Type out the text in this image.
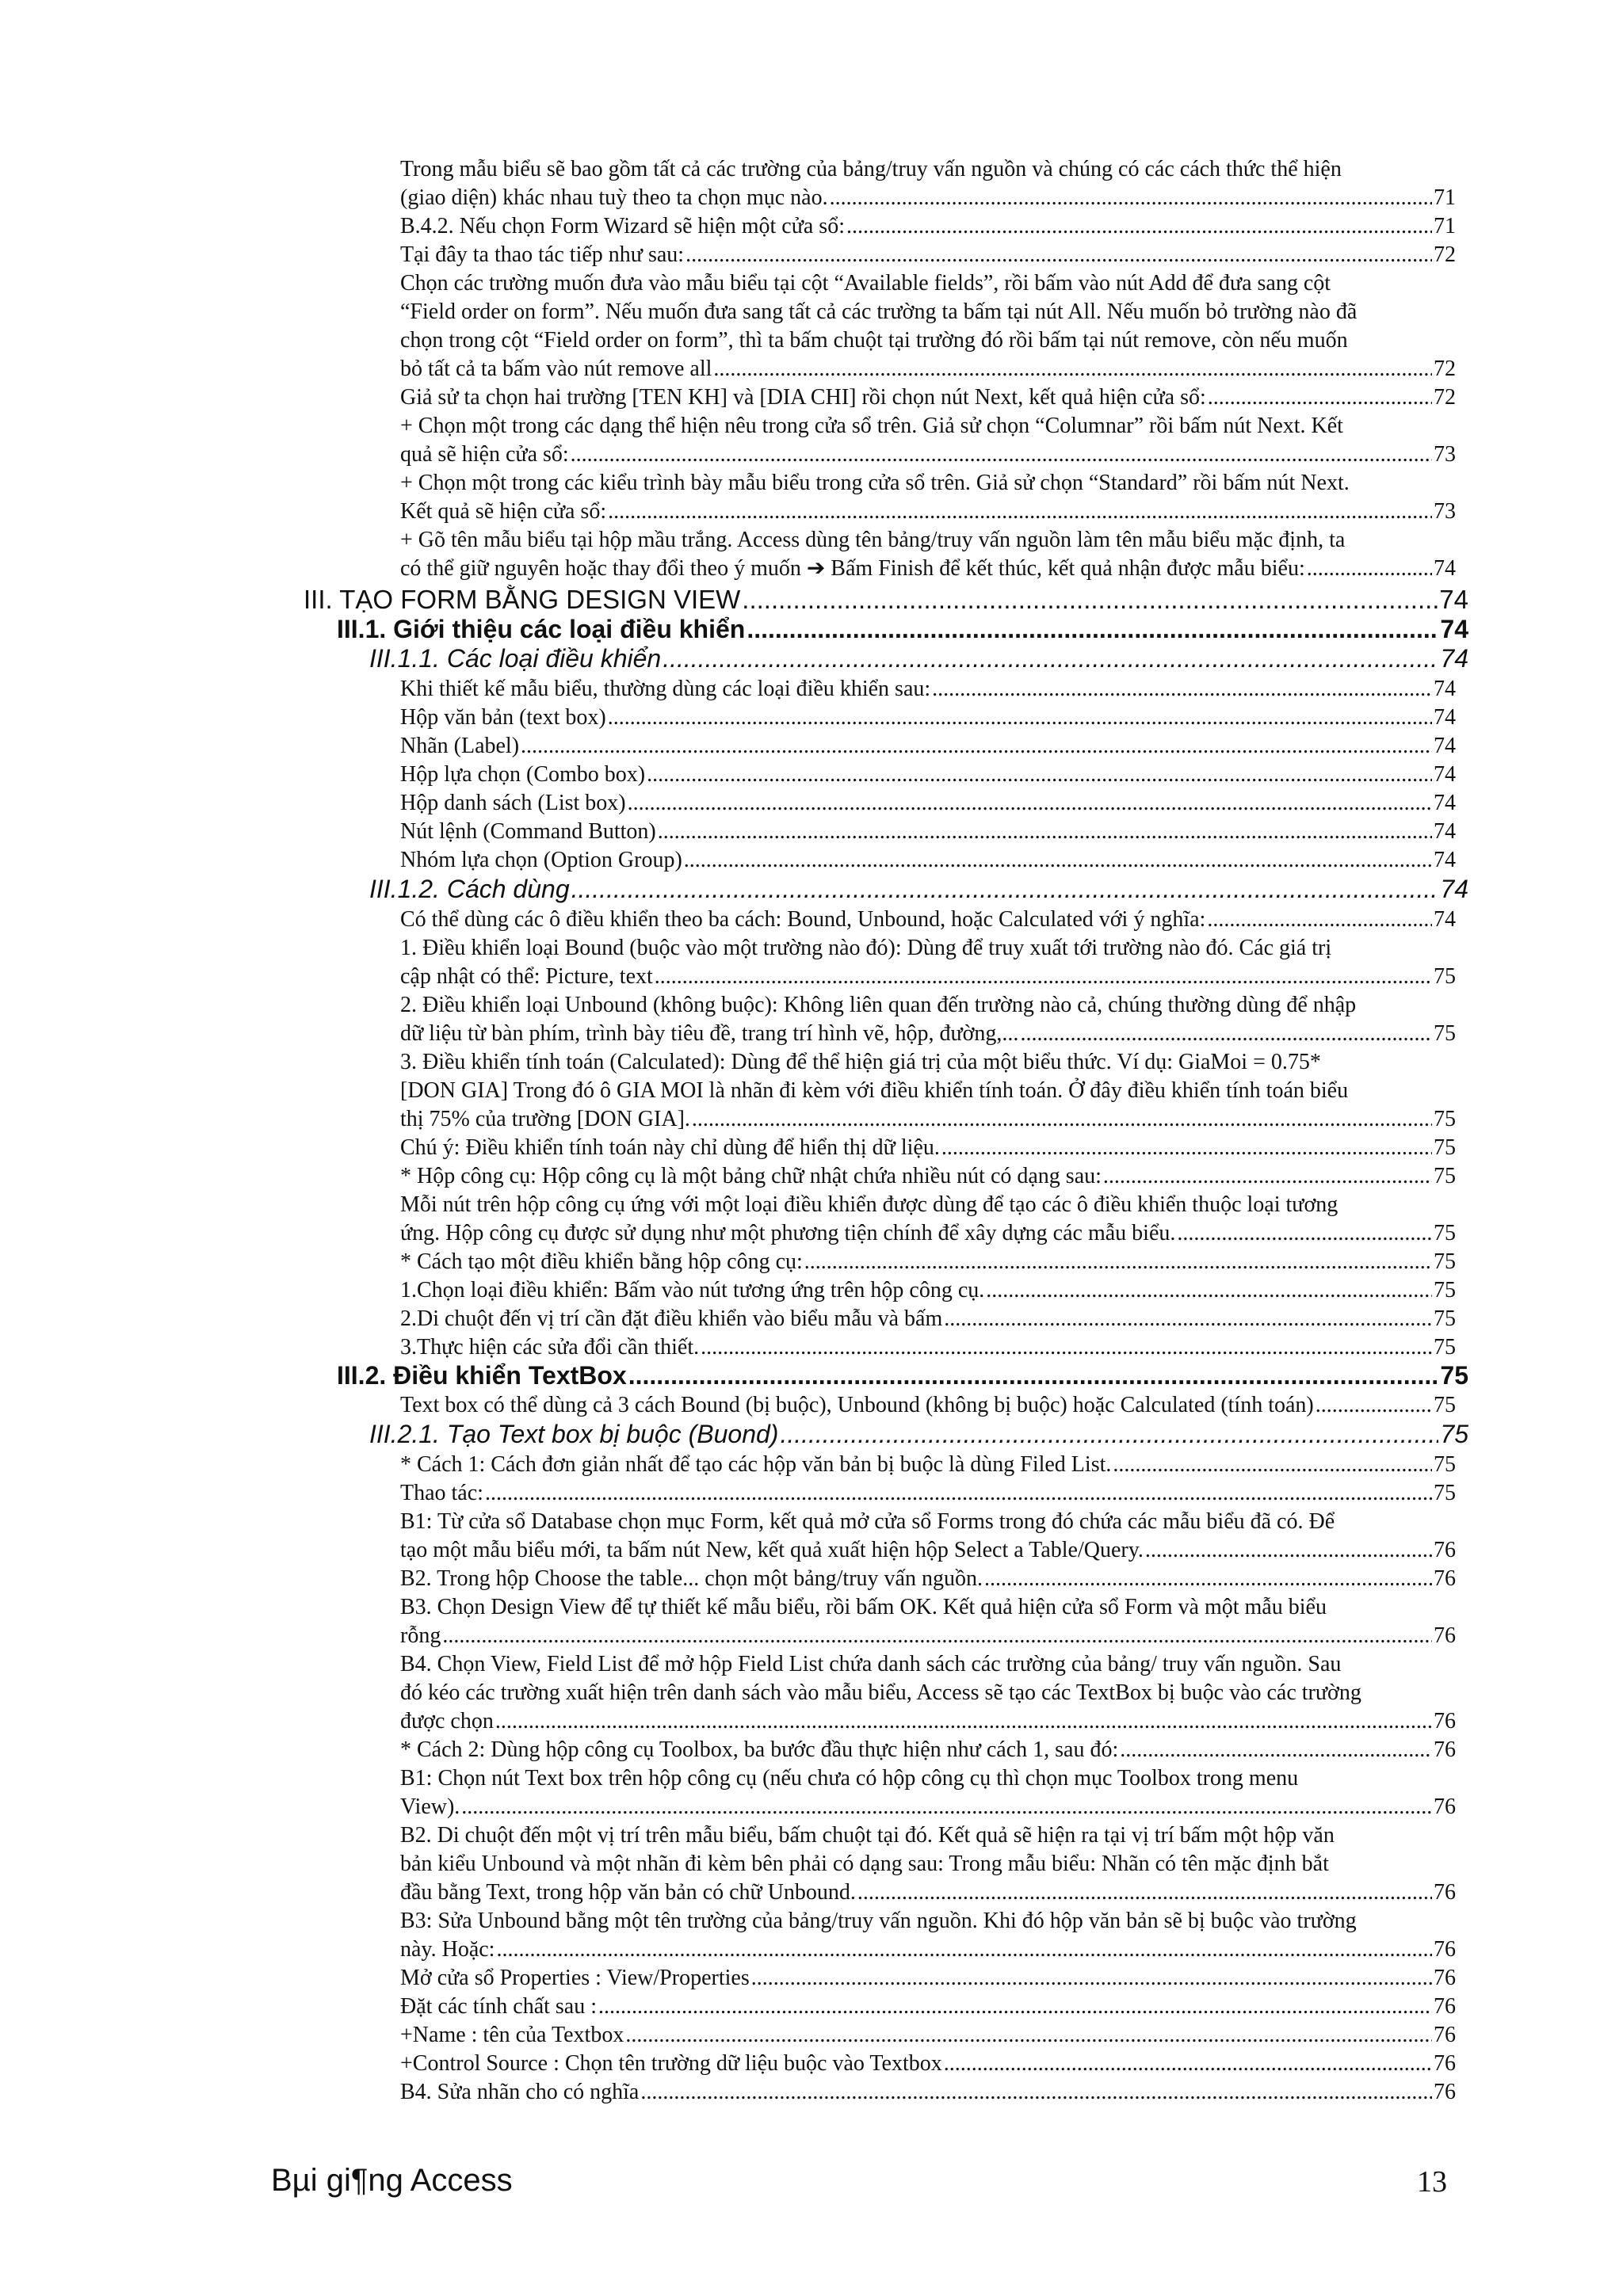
Trong mẫu biểu sẽ bao gồm tất cả các trường của bảng/truy vấn nguồn và chúng có các cách thức thể hiện
(giao diện) khác nhau tuỳ theo ta chọn mục nào. .....	71
B.4.2. Nếu chọn Form Wizard sẽ hiện một cửa sổ: .....	71
Tại đây ta thao tác tiếp như sau: .....	72
Chọn các trường muốn đưa vào mẫu biểu tại cột “Available fields”, rồi bấm vào nút Add để đưa sang cột
“Field order on form”. Nếu muốn đưa sang tất cả các trường ta bấm tại nút All. Nếu muốn bỏ trường nào đã
chọn trong cột “Field order on form”, thì ta bấm chuột tại trường đó rồi bấm tại nút remove, còn nếu muốn
bỏ tất cả ta bấm vào nút remove all .....	72
Giả sử ta chọn hai trường [TEN KH] và [DIA CHI] rồi chọn nút Next, kết quả hiện cửa sổ: .....	72
+ Chọn một trong các dạng thể hiện nêu trong cửa sổ trên. Giả sử chọn “Columnar” rồi bấm nút Next. Kết
quả sẽ hiện cửa sổ: .....	73
+ Chọn một trong các kiểu trình bày mẫu biểu trong cửa sổ trên. Giả sử chọn “Standard” rồi bấm nút Next.
Kết quả sẽ hiện cửa sổ: .....	73
+ Gõ tên mẫu biểu tại hộp mầu trắng. Access dùng tên bảng/truy vấn nguồn làm tên mẫu biểu mặc định, ta
có thể giữ nguyên hoặc thay đổi theo ý muốn ➔ Bấm Finish để kết thúc, kết quả nhận được mẫu biểu: .....	74
III. TẠO FORM BẰNG DESIGN VIEW .....	74
III.1. Giới thiệu các loại điều khiển .....	74
III.1.1. Các loại điều khiển .....	74
Khi thiết kế mẫu biểu, thường dùng các loại điều khiển sau: .....	74
Hộp văn bản (text box) .....	74
Nhãn (Label) .....	74
Hộp lựa chọn (Combo box) .....	74
Hộp danh sách (List box) .....	74
Nút lệnh (Command Button) .....	74
Nhóm lựa chọn (Option Group) .....	74
III.1.2. Cách dùng .....	74
Có thể dùng các ô điều khiển theo ba cách: Bound, Unbound, hoặc Calculated với ý nghĩa: .....	74
1. Điều khiển loại Bound (buộc vào một trường nào đó): Dùng để truy xuất tới trường nào đó. Các giá trị
cập nhật có thể: Picture, text .....	75
2. Điều khiển loại Unbound (không buộc): Không liên quan đến trường nào cả, chúng thường dùng để nhập
dữ liệu từ bàn phím, trình bày tiêu đề, trang trí hình vẽ, hộp, đường,... .....	75
3. Điều khiển tính toán (Calculated): Dùng để thể hiện giá trị của một biểu thức. Ví dụ: GiaMoi = 0.75*
[DON GIA] Trong đó ô GIA MOI là nhãn đi kèm với điều khiển tính toán. Ở đây điều khiển tính toán biểu
thị 75% của trường [DON GIA]. .....	75
Chú ý: Điều khiển tính toán này chỉ dùng để hiển thị dữ liệu. .....	75
* Hộp công cụ: Hộp công cụ là một bảng chữ nhật chứa nhiều nút có dạng sau: .....	75
Mỗi nút trên hộp công cụ ứng với một loại điều khiển được dùng để tạo các ô điều khiển thuộc loại tương
ứng. Hộp công cụ được sử dụng như một phương tiện chính để xây dựng các mẫu biểu. .....	75
* Cách tạo một điều khiển bằng hộp công cụ: .....	75
1.Chọn loại điều khiển: Bấm vào nút tương ứng trên hộp công cụ. .....	75
2.Di chuột đến vị trí cần đặt điều khiển vào biểu mẫu và bấm .....	75
3.Thực hiện các sửa đổi cần thiết. .....	75
III.2. Điều khiển TextBox .....	75
Text box có thể dùng cả 3 cách Bound (bị buộc), Unbound (không bị buộc) hoặc Calculated (tính toán) .....	75
III.2.1. Tạo Text box bị buộc (Buond) .....	75
* Cách 1: Cách đơn giản nhất để tạo các hộp văn bản bị buộc là dùng Filed List. .....	75
Thao tác: .....	75
B1: Từ cửa sổ Database chọn mục Form, kết quả mở cửa sổ Forms trong đó chứa các mẫu biểu đã có. Để
tạo một mẫu biểu mới, ta bấm nút New, kết quả xuất hiện hộp Select a Table/Query. .....	76
B2. Trong hộp Choose the table... chọn một bảng/truy vấn nguồn. .....	76
B3. Chọn Design View để tự thiết kế mẫu biểu, rồi bấm OK. Kết quả hiện cửa sổ Form và một mẫu biểu
rỗng .....	76
B4. Chọn View, Field List để mở hộp Field List chứa danh sách các trường của bảng/ truy vấn nguồn. Sau
đó kéo các trường xuất hiện trên danh sách vào mẫu biểu, Access sẽ tạo các TextBox bị buộc vào các trường
được chọn .....	76
* Cách 2: Dùng hộp công cụ Toolbox, ba bước đầu thực hiện như cách 1, sau đó: .....	76
B1: Chọn nút Text box trên hộp công cụ (nếu chưa có hộp công cụ thì chọn mục Toolbox trong menu
View). .....	76
B2. Di chuột đến một vị trí trên mẫu biểu, bấm chuột tại đó. Kết quả sẽ hiện ra tại vị trí bấm một hộp văn
bản kiểu Unbound và một nhãn đi kèm bên phải có dạng sau: Trong mẫu biểu: Nhãn có tên mặc định bắt
đầu bằng Text, trong hộp văn bản có chữ Unbound. .....	76
B3: Sửa Unbound bằng một tên trường của bảng/truy vấn nguồn. Khi đó hộp văn bản sẽ bị buộc vào trường
này. Hoặc: .....	76
Mở cửa sổ Properties : View/Properties .....	76
Đặt các tính chất sau : .....	76
+Name : tên của Textbox .....	76
+Control Source : Chọn tên trường dữ liệu buộc vào Textbox .....	76
B4. Sửa nhãn cho có nghĩa .....	76
Bµi gi¶ng Access	13
